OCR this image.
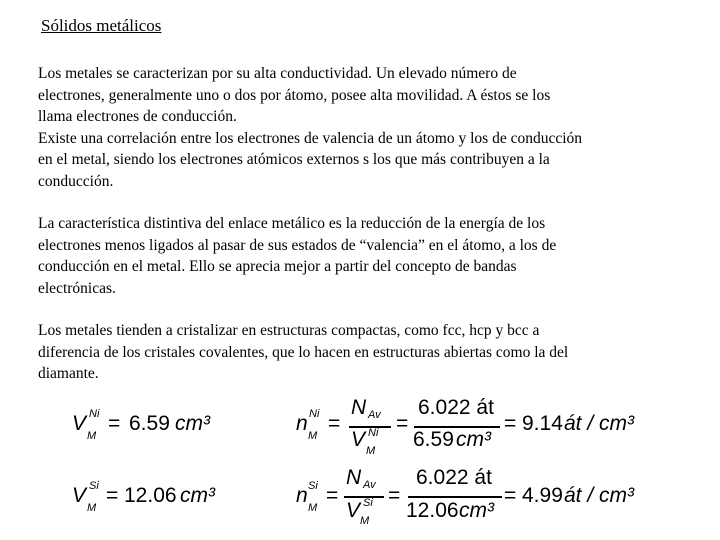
Sólidos metálicos
Los metales se caracterizan por su alta conductividad. Un elevado número de
electrones, generalmente uno o dos por átomo, posee alta movilidad. A éstos se los
llama electrones de conducción.
Existe una correlación entre los electrones de valencia de un átomo y los de conducción
en el metal, siendo los electrones atómicos externos s los que más contribuyen a la
conducción.
La característica distintiva del enlace metálico es la reducción de la energía de los
electrones menos ligados al pasar de sus estados de “valencia” en el átomo, a los de
conducción en el metal. Ello se aprecia mejor a partir del concepto de bandas
electrónicas.
Los metales tienden a cristalizar en estructuras compactas, como fcc, hcp y bcc a
diferencia de los cristales covalentes, que lo hacen en estructuras abiertas como la del
diamante.
V Ni
M
= 6.59 cm³	n Ni
M
=
N Av
V Ni
M
=
6.022 át
6.59 cm³
= 9.14 át / cm³
V Si
M
= 12.06 cm³	n Si
M
=
N Av
V Si
M
=
6.022 át
12.06 cm³
= 4.99 át / cm³
